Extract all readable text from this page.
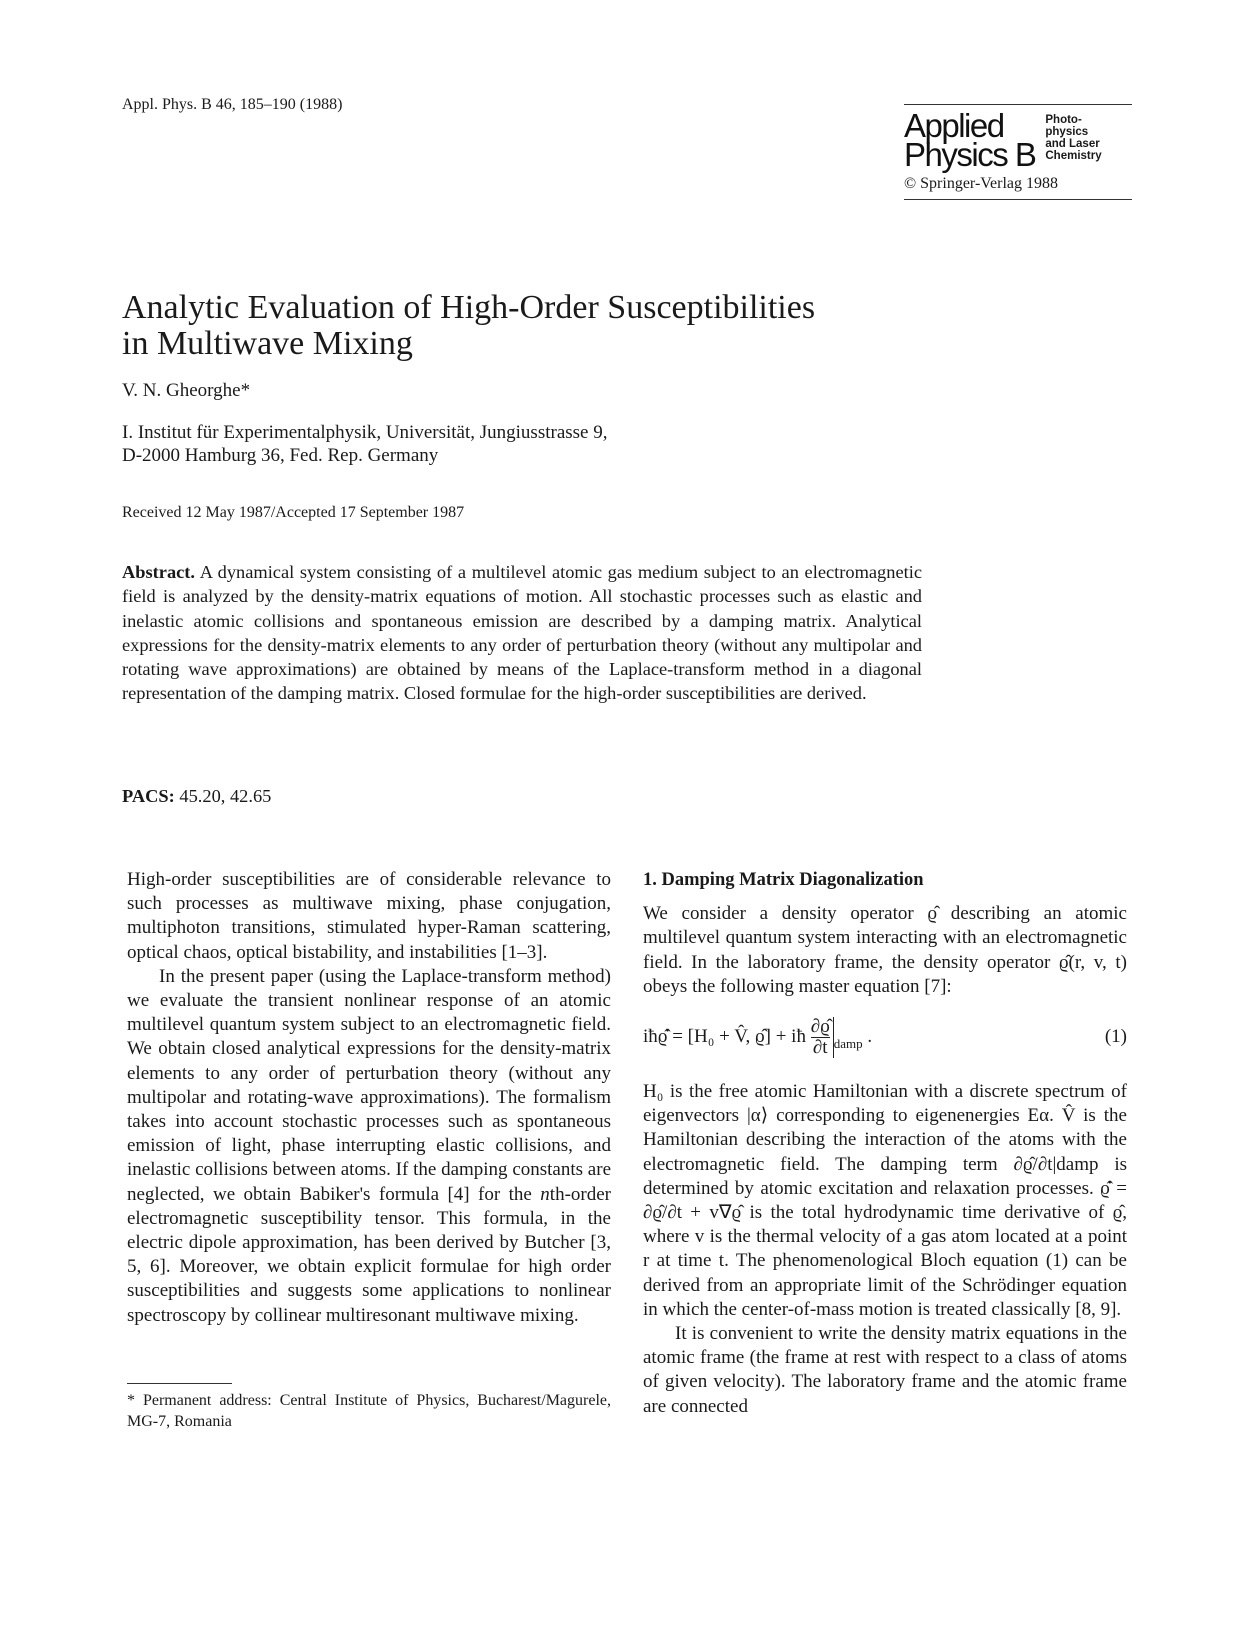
Appl. Phys. B 46, 185–190 (1988)
Applied
Physics B
Photo-
physics
and Laser
Chemistry
© Springer-Verlag 1988
Analytic Evaluation of High-Order Susceptibilities
in Multiwave Mixing
V. N. Gheorghe*
I. Institut für Experimentalphysik, Universität, Jungiusstrasse 9,
D-2000 Hamburg 36, Fed. Rep. Germany
Received 12 May 1987/Accepted 17 September 1987
Abstract. A dynamical system consisting of a multilevel atomic gas medium subject to an electromagnetic field is analyzed by the density-matrix equations of motion. All stochastic processes such as elastic and inelastic atomic collisions and spontaneous emission are described by a damping matrix. Analytical expressions for the density-matrix elements to any order of perturbation theory (without any multipolar and rotating wave approximations) are obtained by means of the Laplace-transform method in a diagonal representation of the damping matrix. Closed formulae for the high-order susceptibilities are derived.
PACS: 45.20, 42.65

High-order susceptibilities are of considerable relevance to such processes as multiwave mixing, phase conjugation, multiphoton transitions, stimulated hyper-Raman scattering, optical chaos, optical bistability, and instabilities [1–3].

In the present paper (using the Laplace-transform method) we evaluate the transient nonlinear response of an atomic multilevel quantum system subject to an electromagnetic field. We obtain closed analytical expressions for the density-matrix elements to any order of perturbation theory (without any multipolar and rotating-wave approximations). The formalism takes into account stochastic processes such as spontaneous emission of light, phase interrupting elastic collisions, and inelastic collisions between atoms. If the damping constants are neglected, we obtain Babiker's formula [4] for the nth-order electromagnetic susceptibility tensor. This formula, in the electric dipole approximation, has been derived by Butcher [3, 5, 6]. Moreover, we obtain explicit formulae for high order susceptibilities and suggests some applications to nonlinear spectroscopy by collinear multiresonant multiwave mixing.

* Permanent address: Central Institute of Physics, Bucharest/Magurele, MG-7, Romania

1. Damping Matrix Diagonalization

We consider a density operator ϱ̂ describing an atomic multilevel quantum system interacting with an electromagnetic field. In the laboratory frame, the density operator ϱ̂(r, v, t) obeys the following master equation [7]:

iħϱ̂̇ = [H₀ + V̂, ϱ̂] + iħ $\frac{\partial ϱ̂}{\partial t}_{damp}$ .	(1)

H₀ is the free atomic Hamiltonian with a discrete spectrum of eigenvectors |α⟩ corresponding to eigenenergies Eα. V̂ is the Hamiltonian describing the interaction of the atoms with the electromagnetic field. The damping term ∂ϱ̂/∂t|damp is determined by atomic excitation and relaxation processes. ϱ̂̇ = ∂ϱ̂/∂t + v∇ϱ̂ is the total hydrodynamic time derivative of ϱ̂, where v is the thermal velocity of a gas atom located at a point r at time t. The phenomenological Bloch equation (1) can be derived from an appropriate limit of the Schrödinger equation in which the center-of-mass motion is treated classically [8, 9].

It is convenient to write the density matrix equations in the atomic frame (the frame at rest with respect to a class of atoms of given velocity). The laboratory frame and the atomic frame are connected
